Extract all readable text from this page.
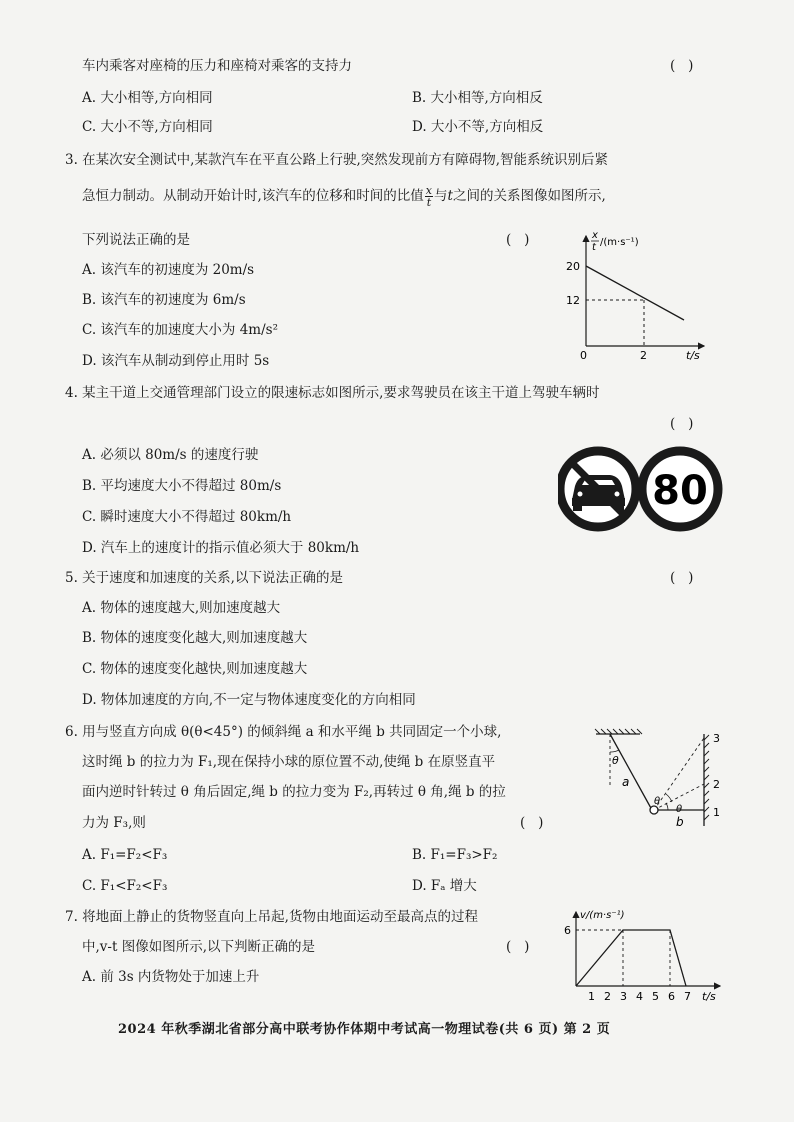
车内乘客对座椅的压力和座椅对乘客的支持力	(   )
A. 大小相等,方向相同	B. 大小相等,方向相反
C. 大小不等,方向相同	D. 大小不等,方向相反
3. 在某次安全测试中,某款汽车在平直公路上行驶,突然发现前方有障碍物,智能系统识别后紧
急恒力制动。从制动开始计时,该汽车的位移和时间的比值 $\frac{x}{t}$ 与t之间的关系图像如图所示,
下列说法正确的是	(   )
A. 该汽车的初速度为 20m/s
B. 该汽车的初速度为 6m/s
C. 该汽车的加速度大小为 4m/s²
D. 该汽车从制动到停止用时 5s
x
t /(m·s⁻¹)
20
12
0	2	t/s
4. 某主干道上交通管理部门设立的限速标志如图所示,要求驾驶员在该主干道上驾驶车辆时
(   )
A. 必须以 80m/s 的速度行驶
B. 平均速度大小不得超过 80m/s
C. 瞬时速度大小不得超过 80km/h
D. 汽车上的速度计的指示值必须大于 80km/h
80
5. 关于速度和加速度的关系,以下说法正确的是	(   )
A. 物体的速度越大,则加速度越大
B. 物体的速度变化越大,则加速度越大
C. 物体的速度变化越快,则加速度越大
D. 物体加速度的方向,不一定与物体速度变化的方向相同
6. 用与竖直方向成 θ(θ<45°) 的倾斜绳 a 和水平绳 b 共同固定一个小球,
这时绳 b 的拉力为 F₁,现在保持小球的原位置不动,使绳 b 在原竖直平
面内逆时针转过 θ 角后固定,绳 b 的拉力变为 F₂,再转过 θ 角,绳 b 的拉
力为 F₃,则	(   )
A. F₁=F₂<F₃	B. F₁=F₃>F₂
C. F₁<F₂<F₃	D. Fₐ 增大
θ
θ
θ
a
b
3
2
1
7. 将地面上静止的货物竖直向上吊起,货物由地面运动至最高点的过程
中,v-t 图像如图所示,以下判断正确的是	(   )
A. 前 3s 内货物处于加速上升
v/(m·s⁻¹)
6
1 2 3 4 5 6 7 t/s
2024 年秋季湖北省部分高中联考协作体期中考试高一物理试卷(共 6 页) 第 2 页
